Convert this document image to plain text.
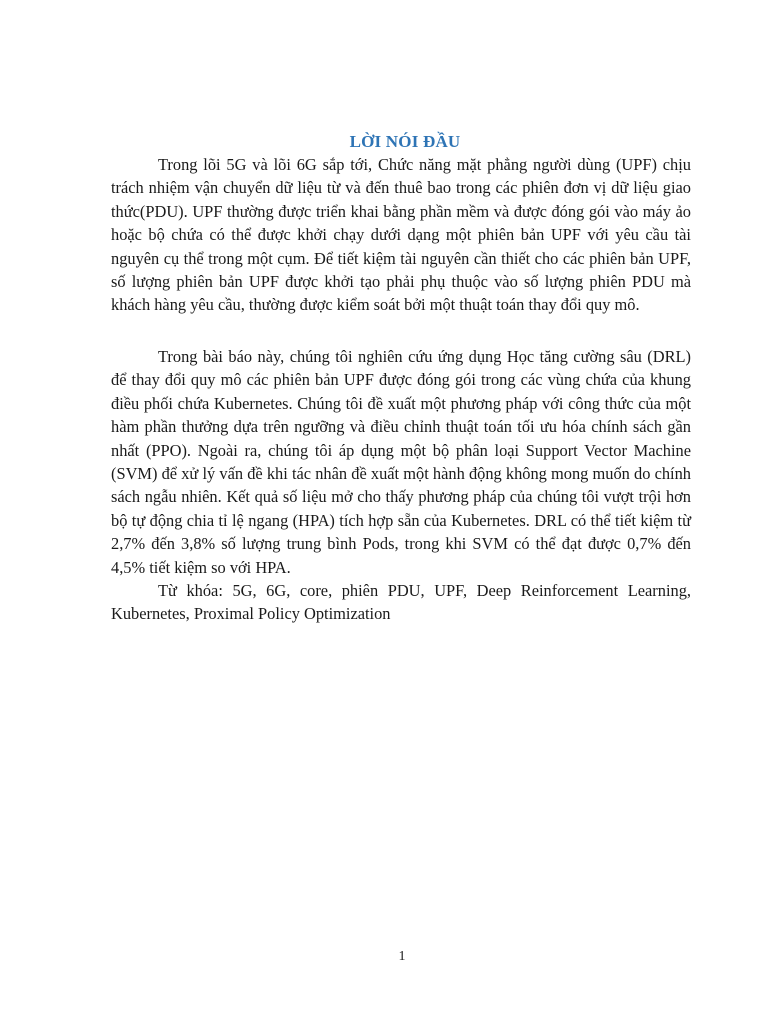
LỜI NÓI ĐẦU

Trong lõi 5G và lõi 6G sắp tới, Chức năng mặt phẳng người dùng (UPF) chịu trách nhiệm vận chuyển dữ liệu từ và đến thuê bao trong các phiên đơn vị dữ liệu giao thức(PDU). UPF thường được triển khai bằng phần mềm và được đóng gói vào máy ảo hoặc bộ chứa có thể được khởi chạy dưới dạng một phiên bản UPF với yêu cầu tài nguyên cụ thể trong một cụm. Để tiết kiệm tài nguyên cần thiết cho các phiên bản UPF, số lượng phiên bản UPF được khởi tạo phải phụ thuộc vào số lượng phiên PDU mà khách hàng yêu cầu, thường được kiểm soát bởi một thuật toán thay đổi quy mô.

Trong bài báo này, chúng tôi nghiên cứu ứng dụng Học tăng cường sâu (DRL) để thay đổi quy mô các phiên bản UPF được đóng gói trong các vùng chứa của khung điều phối chứa Kubernetes. Chúng tôi đề xuất một phương pháp với công thức của một hàm phần thưởng dựa trên ngưỡng và điều chỉnh thuật toán tối ưu hóa chính sách gần nhất (PPO). Ngoài ra, chúng tôi áp dụng một bộ phân loại Support Vector Machine (SVM) để xử lý vấn đề khi tác nhân đề xuất một hành động không mong muốn do chính sách ngẫu nhiên. Kết quả số liệu mở cho thấy phương pháp của chúng tôi vượt trội hơn bộ tự động chia tỉ lệ ngang (HPA) tích hợp sẵn của Kubernetes. DRL có thể tiết kiệm từ 2,7% đến 3,8% số lượng trung bình Pods, trong khi SVM có thể đạt được 0,7% đến 4,5% tiết kiệm so với HPA.

Từ khóa: 5G, 6G, core, phiên PDU, UPF, Deep Reinforcement Learning, Kubernetes, Proximal Policy Optimization

1
